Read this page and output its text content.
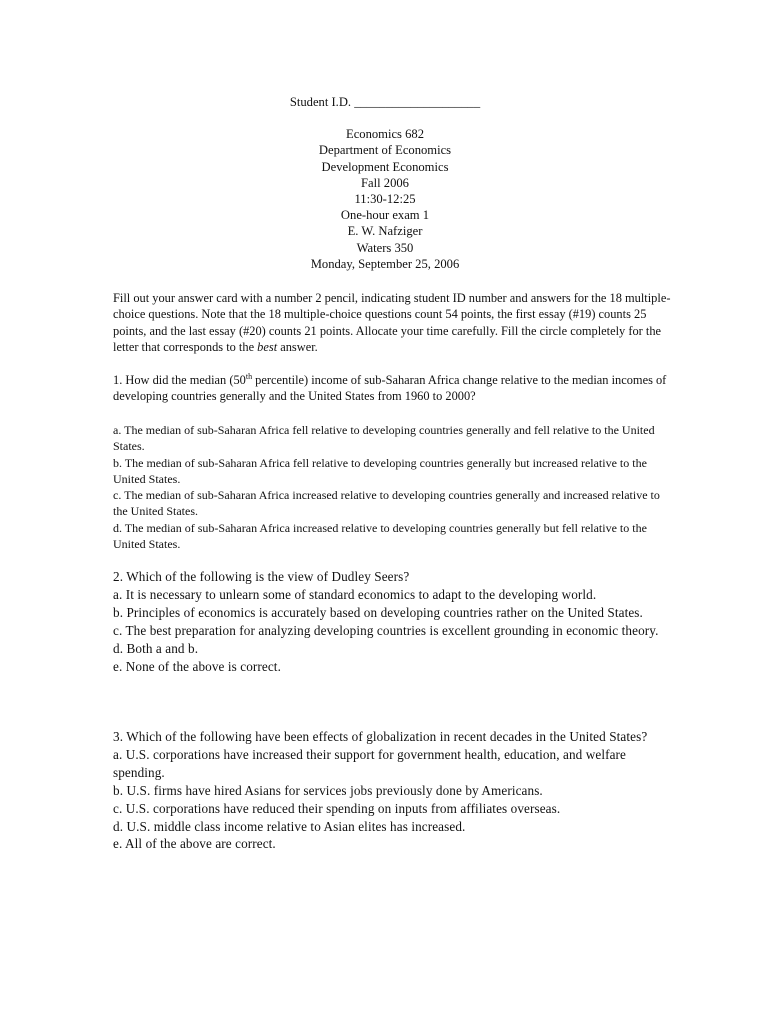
Student I.D. ____________________
Economics 682
Department of Economics
Development Economics
Fall 2006
11:30-12:25
One-hour exam 1
E. W. Nafziger
Waters 350
Monday, September 25, 2006
Fill out your answer card with a number 2 pencil, indicating student ID number and answers for the 18 multiple-choice questions. Note that the 18 multiple-choice questions count 54 points, the first essay (#19) counts 25 points, and the last essay (#20) counts 21 points. Allocate your time carefully. Fill the circle completely for the letter that corresponds to the best answer.
1. How did the median (50th percentile) income of sub-Saharan Africa change relative to the median incomes of developing countries generally and the United States from 1960 to 2000?
a. The median of sub-Saharan Africa fell relative to developing countries generally and fell relative to the United States.
b. The median of sub-Saharan Africa fell relative to developing countries generally but increased relative to the United States.
c. The median of sub-Saharan Africa increased relative to developing countries generally and increased relative to the United States.
d. The median of sub-Saharan Africa increased relative to developing countries generally but fell relative to the United States.
2. Which of the following is the view of Dudley Seers?
a. It is necessary to unlearn some of standard economics to adapt to the developing world.
b. Principles of economics is accurately based on developing countries rather on the United States.
c. The best preparation for analyzing developing countries is excellent grounding in economic theory.
d. Both a and b.
e. None of the above is correct.
3. Which of the following have been effects of globalization in recent decades in the United States?
a. U.S. corporations have increased their support for government health, education, and welfare spending.
b. U.S. firms have hired Asians for services jobs previously done by Americans.
c. U.S. corporations have reduced their spending on inputs from affiliates overseas.
d. U.S. middle class income relative to Asian elites has increased.
e. All of the above are correct.
